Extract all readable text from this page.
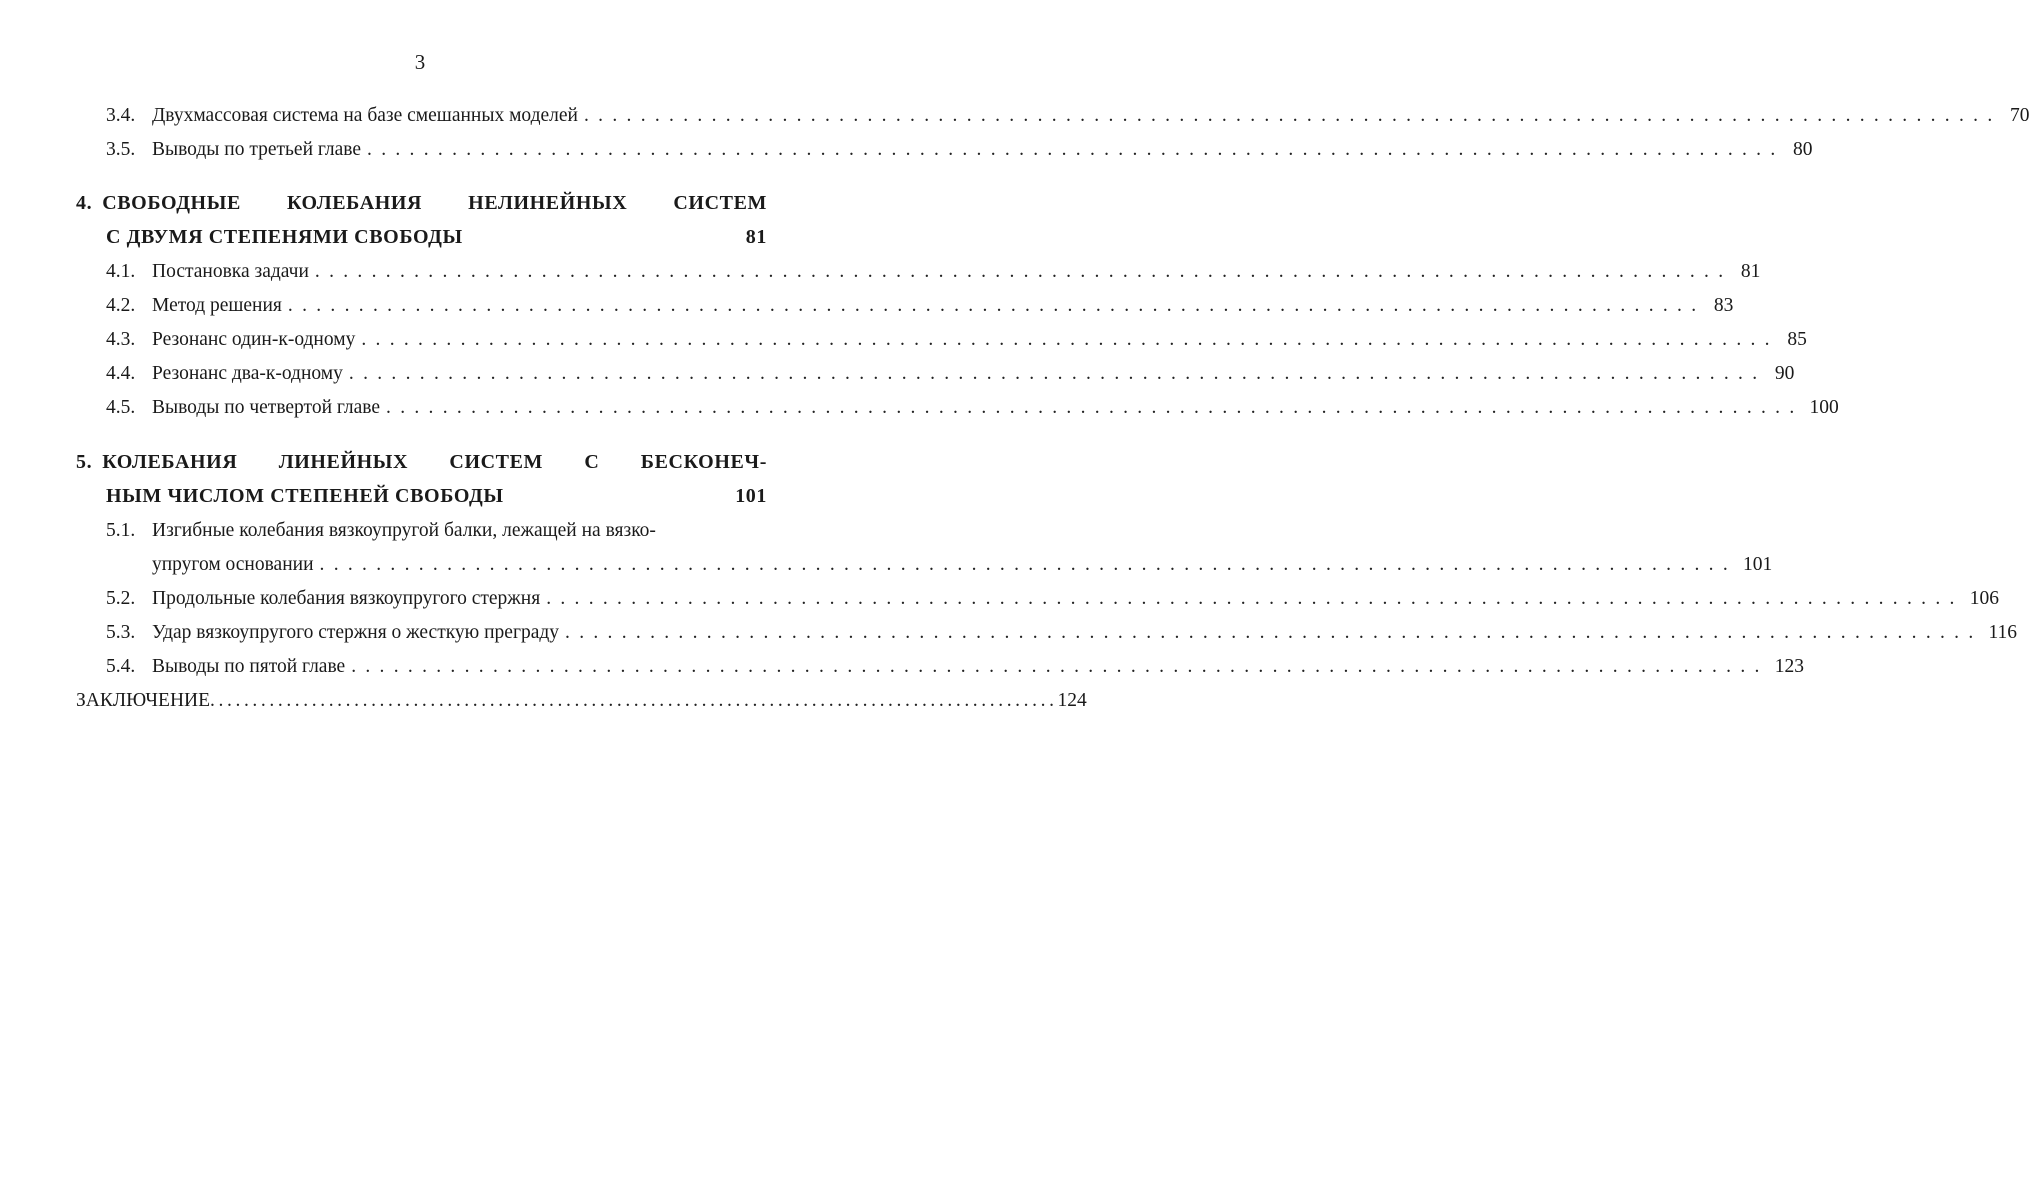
3
3.4. Двухмассовая система на базе смешанных моделей .................................................................................................... 70
3.5. Выводы по третьей главе .................................................................................................... 80
4. СВОБОДНЫЕ КОЛЕБАНИЯ НЕЛИНЕЙНЫХ СИСТЕМ
С ДВУМЯ СТЕПЕНЯМИ СВОБОДЫ	81
4.1. Постановка задачи .................................................................................................... 81
4.2. Метод решения .................................................................................................... 83
4.3. Резонанс один-к-одному .................................................................................................... 85
4.4. Резонанс два-к-одному .................................................................................................... 90
4.5. Выводы по четвертой главе .................................................................................................... 100
5. КОЛЕБАНИЯ ЛИНЕЙНЫХ СИСТЕМ С БЕСКОНЕЧ-
НЫМ ЧИСЛОМ СТЕПЕНЕЙ СВОБОДЫ	101
5.1. Изгибные колебания вязкоупругой балки, лежащей на вязко-
упругом основании .................................................................................................... 101
5.2. Продольные колебания вязкоупругого стержня .................................................................................................... 106
5.3. Удар вязкоупругого стержня о жесткую преграду .................................................................................................... 116
5.4. Выводы по пятой главе .................................................................................................... 123
ЗАКЛЮЧЕНИЕ .................................................................................................... 124
